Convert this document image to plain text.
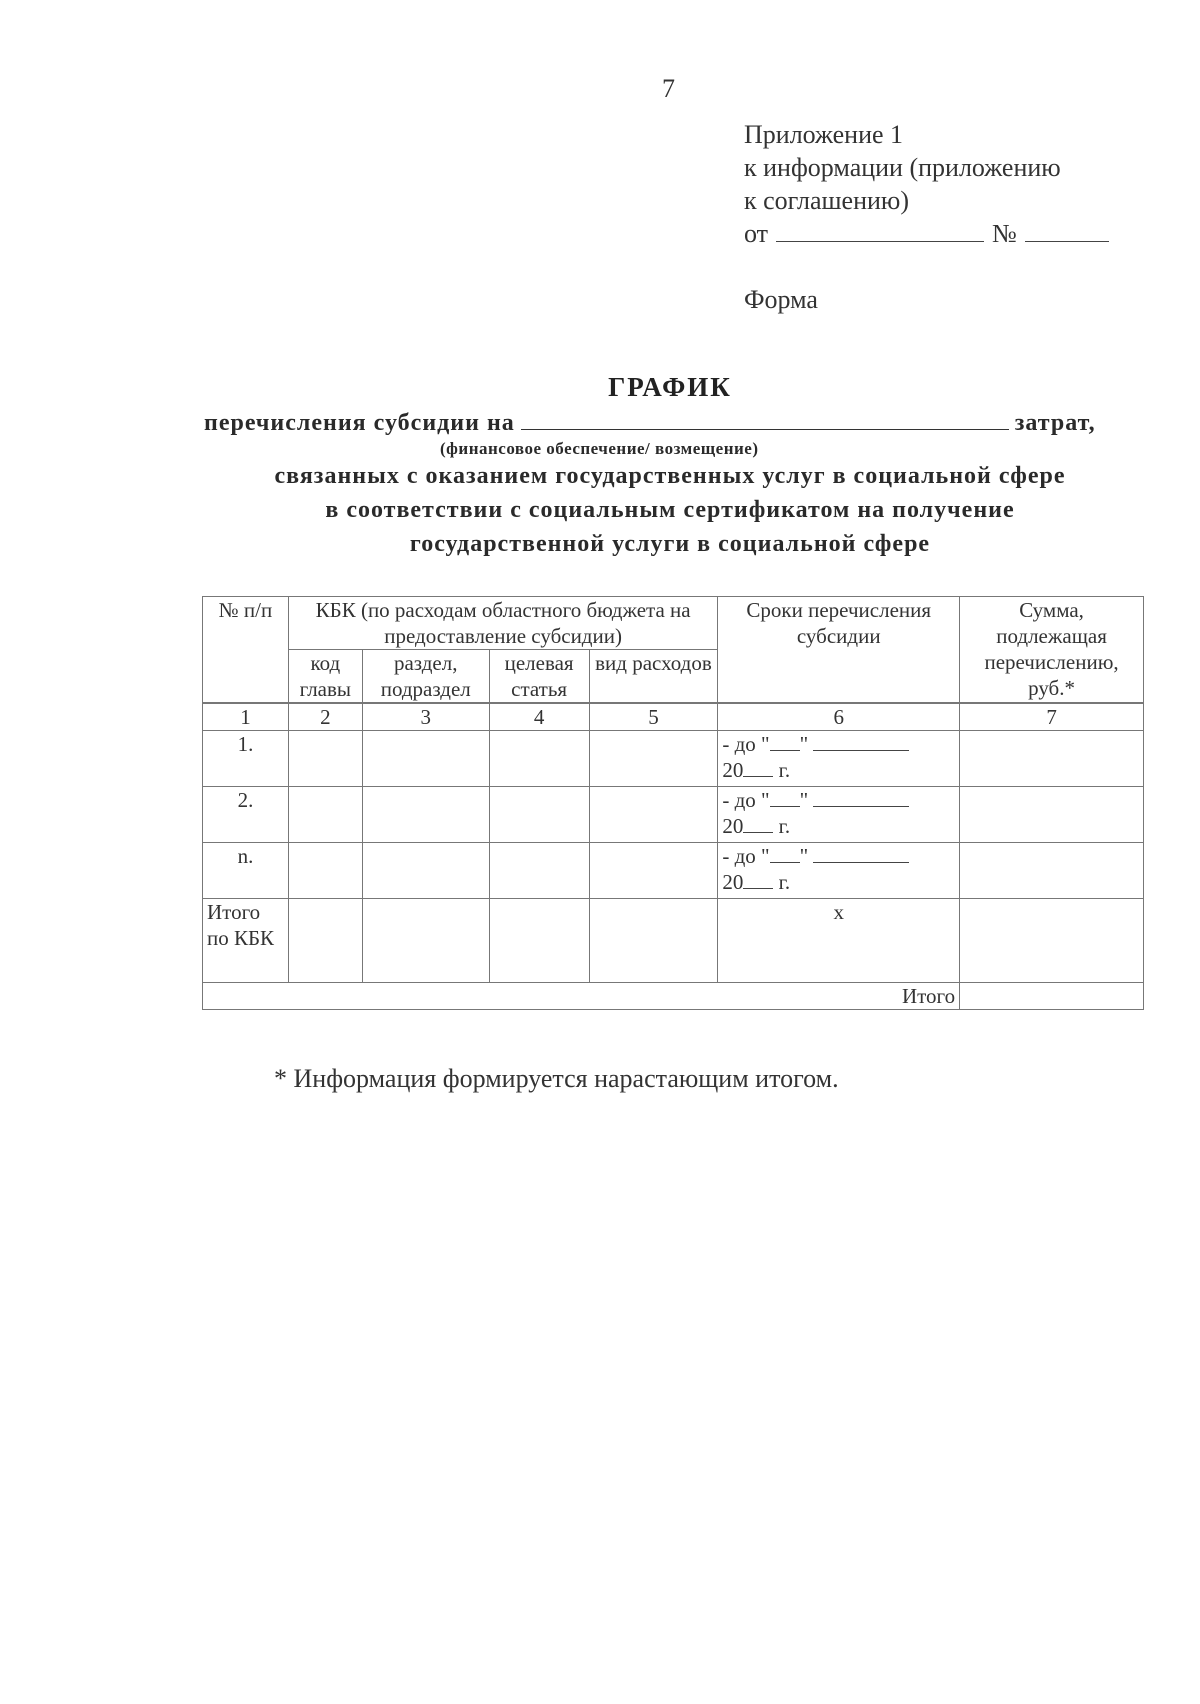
7
Приложение 1
к информации (приложению
к соглашению)
от	№
Форма
ГРАФИК
перечисления субсидии на	затрат,
(финансовое обеспечение/ возмещение)
связанных с оказанием государственных услуг в социальной сфере
в соответствии с социальным сертификатом на получение
государственной услуги в социальной сфере
№ п/п	КБК (по расходам областного бюджета на предоставление субсидии)				Сроки перечисления субсидии	Сумма, подлежащая перечислению, руб.*
	код главы	раздел, подраздел	целевая статья	вид расходов		
1	2	3	4	5	6	7
1.					- до " "
20 г.	

2.					- до " "
20 г.	

n.					- до " "
20 г.	

Итого по КБК					x	
Итого						
* Информация формируется нарастающим итогом.
